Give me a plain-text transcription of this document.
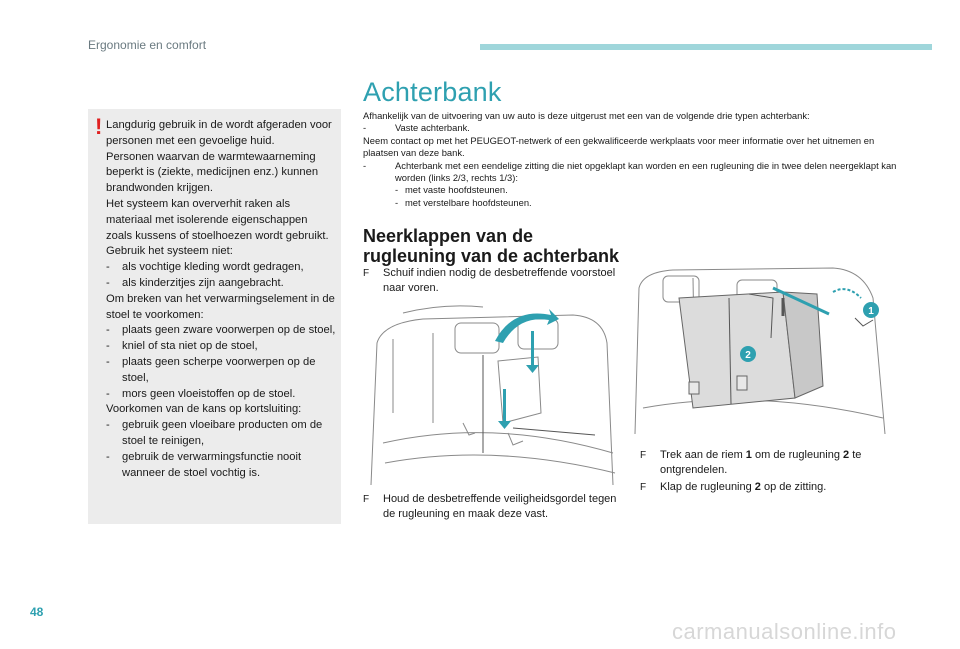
Ergonomie en comfort
! Langdurig gebruik in de wordt afgeraden voor personen met een gevoelige huid.
Personen waarvan de warmtewaarneming beperkt is (ziekte, medicijnen enz.) kunnen brandwonden krijgen.
Het systeem kan oververhit raken als materiaal met isolerende eigenschappen zoals kussens of stoelhoezen wordt gebruikt.
Gebruik het systeem niet:
- als vochtige kleding wordt gedragen,
- als kinderzitjes zijn aangebracht.
Om breken van het verwarmingselement in de stoel te voorkomen:
- plaats geen zware voorwerpen op de stoel,
- kniel of sta niet op de stoel,
- plaats geen scherpe voorwerpen op de stoel,
- mors geen vloeistoffen op de stoel.
Voorkomen van de kans op kortsluiting:
- gebruik geen vloeibare producten om de stoel te reinigen,
- gebruik de verwarmingsfunctie nooit wanneer de stoel vochtig is.
Achterbank
Afhankelijk van de uitvoering van uw auto is deze uitgerust met een van de volgende drie typen achterbank:
-	Vaste achterbank.
Neem contact op met het PEUGEOT-netwerk of een gekwalificeerde werkplaats voor meer informatie over het uitnemen en plaatsen van deze bank.
-	Achterbank met een eendelige zitting die niet opgeklapt kan worden en een rugleuning die in twee delen neergeklapt kan worden (links 2/3, rechts 1/3):
- met vaste hoofdsteunen.
- met verstelbare hoofdsteunen.
Neerklappen van de
rugleuning van de achterbank
F	Schuif indien nodig de desbetreffende voorstoel naar voren.
1
2
F	Houd de desbetreffende veiligheidsgordel tegen de rugleuning en maak deze vast.
F	Trek aan de riem 1 om de rugleuning 2 te ontgrendelen.
F	Klap de rugleuning 2 op de zitting.
48
carmanualsonline.info
